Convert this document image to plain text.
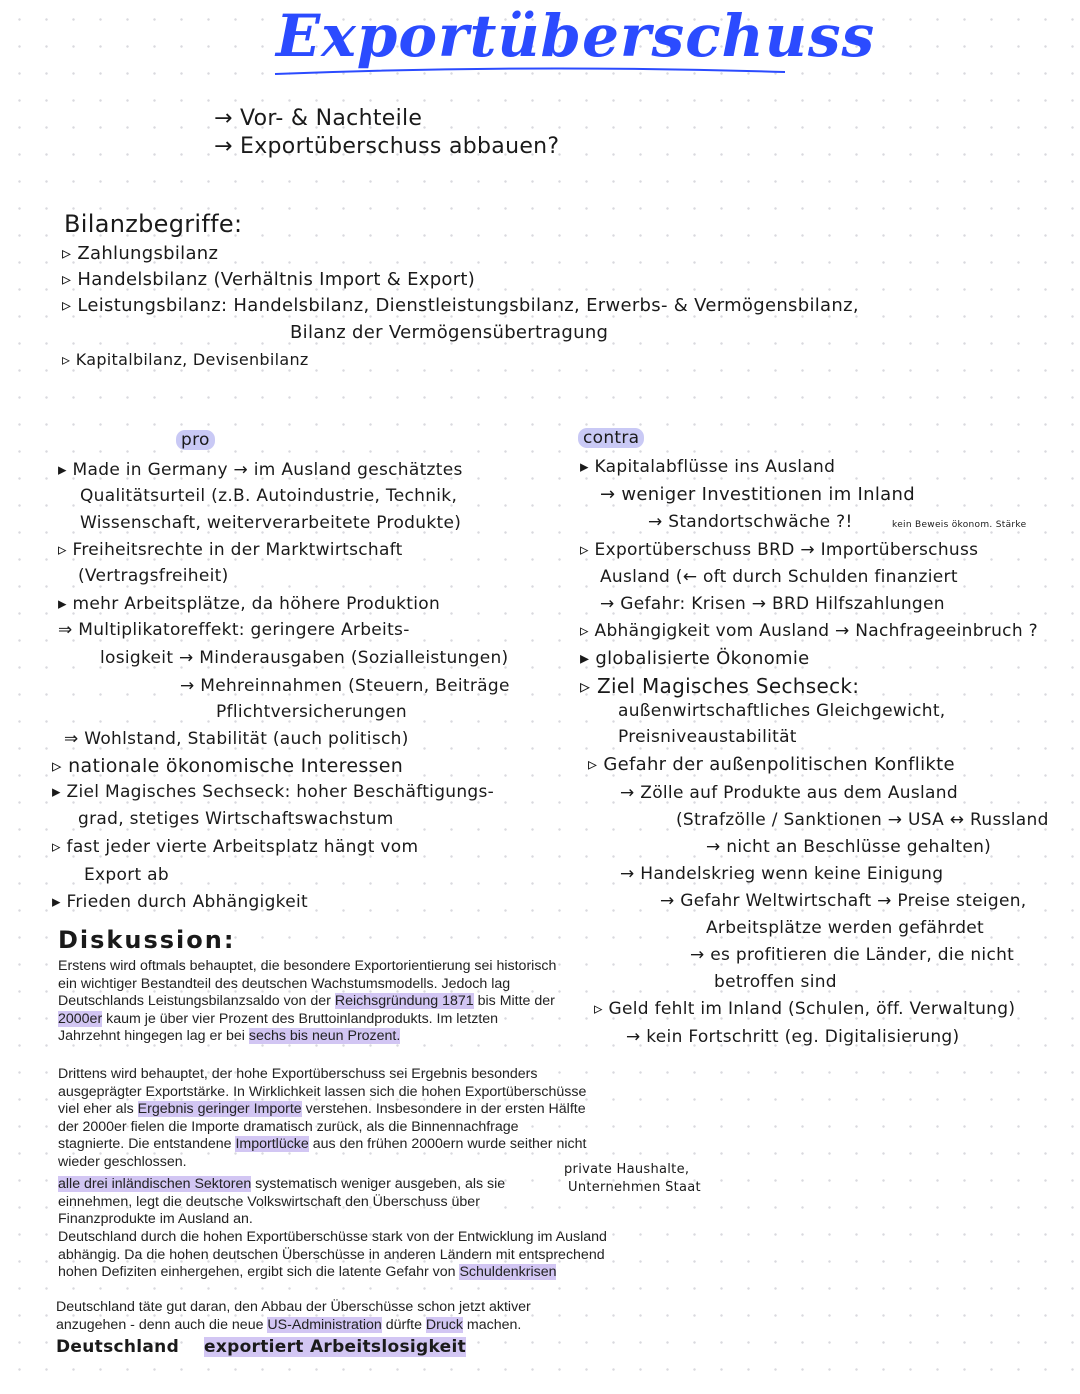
Exportüberschuss
→ Vor- & Nachteile
→ Exportüberschuss abbauen?
Bilanzbegriffe:
▹ Zahlungsbilanz
▹ Handelsbilanz (Verhältnis Import & Export)
▹ Leistungsbilanz: Handelsbilanz, Dienstleistungsbilanz, Erwerbs- & Vermögensbilanz,
Bilanz der Vermögensübertragung
▹ Kapitalbilanz, Devisenbilanz
pro
▸ Made in Germany → im Ausland geschätztes
Qualitätsurteil (z.B. Autoindustrie, Technik,
Wissenschaft, weiterverarbeitete Produkte)
▹ Freiheitsrechte in der Marktwirtschaft
(Vertragsfreiheit)
▸ mehr Arbeitsplätze, da höhere Produktion
⇒ Multiplikatoreffekt: geringere Arbeits-
losigkeit → Minderausgaben (Sozialleistungen)
→ Mehreinnahmen (Steuern, Beiträge
Pflichtversicherungen
⇒ Wohlstand, Stabilität (auch politisch)
▹ nationale ökonomische Interessen
▸ Ziel Magisches Sechseck: hoher Beschäftigungs-
grad, stetiges Wirtschaftswachstum
▹ fast jeder vierte Arbeitsplatz hängt vom
Export ab
▸ Frieden durch Abhängigkeit
contra
▸ Kapitalabflüsse ins Ausland
→ weniger Investitionen im Inland
→ Standortschwäche ?!	kein Beweis ökonom. Stärke
▹ Exportüberschuss BRD → Importüberschuss
Ausland (← oft durch Schulden finanziert
→ Gefahr: Krisen → BRD Hilfszahlungen
▹ Abhängigkeit vom Ausland → Nachfrageeinbruch ?
▸ globalisierte Ökonomie
▹ Ziel Magisches Sechseck:
außenwirtschaftliches Gleichgewicht,
Preisniveaustabilität
▹ Gefahr der außenpolitischen Konflikte
→ Zölle auf Produkte aus dem Ausland
(Strafzölle / Sanktionen → USA ↔ Russland
→ nicht an Beschlüsse gehalten)
→ Handelskrieg wenn keine Einigung
→ Gefahr Weltwirtschaft → Preise steigen,
Arbeitsplätze werden gefährdet
→ es profitieren die Länder, die nicht
betroffen sind
▹ Geld fehlt im Inland (Schulen, öff. Verwaltung)
→ kein Fortschritt (eg. Digitalisierung)
Diskussion:
Erstens wird oftmals behauptet, die besondere Exportorientierung sei historisch ein wichtiger Bestandteil des deutschen Wachstumsmodells. Jedoch lag Deutschlands Leistungsbilanzsaldo von der Reichsgründung 1871 bis Mitte der 2000er kaum je über vier Prozent des Bruttoinlandprodukts. Im letzten Jahrzehnt hingegen lag er bei sechs bis neun Prozent.
Drittens wird behauptet, der hohe Exportüberschuss sei Ergebnis besonders ausgeprägter Exportstärke. In Wirklichkeit lassen sich die hohen Exportüberschüsse viel eher als Ergebnis geringer Importe verstehen. Insbesondere in der ersten Hälfte der 2000er fielen die Importe dramatisch zurück, als die Binnennachfrage stagnierte. Die entstandene Importlücke aus den frühen 2000ern wurde seither nicht wieder geschlossen.
alle drei inländischen Sektoren systematisch weniger ausgeben, als sie einnehmen, legt die deutsche Volkswirtschaft den Überschuss über Finanzprodukte im Ausland an.
private Haushalte,
Unternehmen Staat
Deutschland durch die hohen Exportüberschüsse stark von der Entwicklung im Ausland abhängig. Da die hohen deutschen Überschüsse in anderen Ländern mit entsprechend hohen Defiziten einhergehen, ergibt sich die latente Gefahr von Schuldenkrisen
Deutschland täte gut daran, den Abbau der Überschüsse schon jetzt aktiver anzugehen - denn auch die neue US-Administration dürfte Druck machen.
Deutschland exportiert Arbeitslosigkeit
